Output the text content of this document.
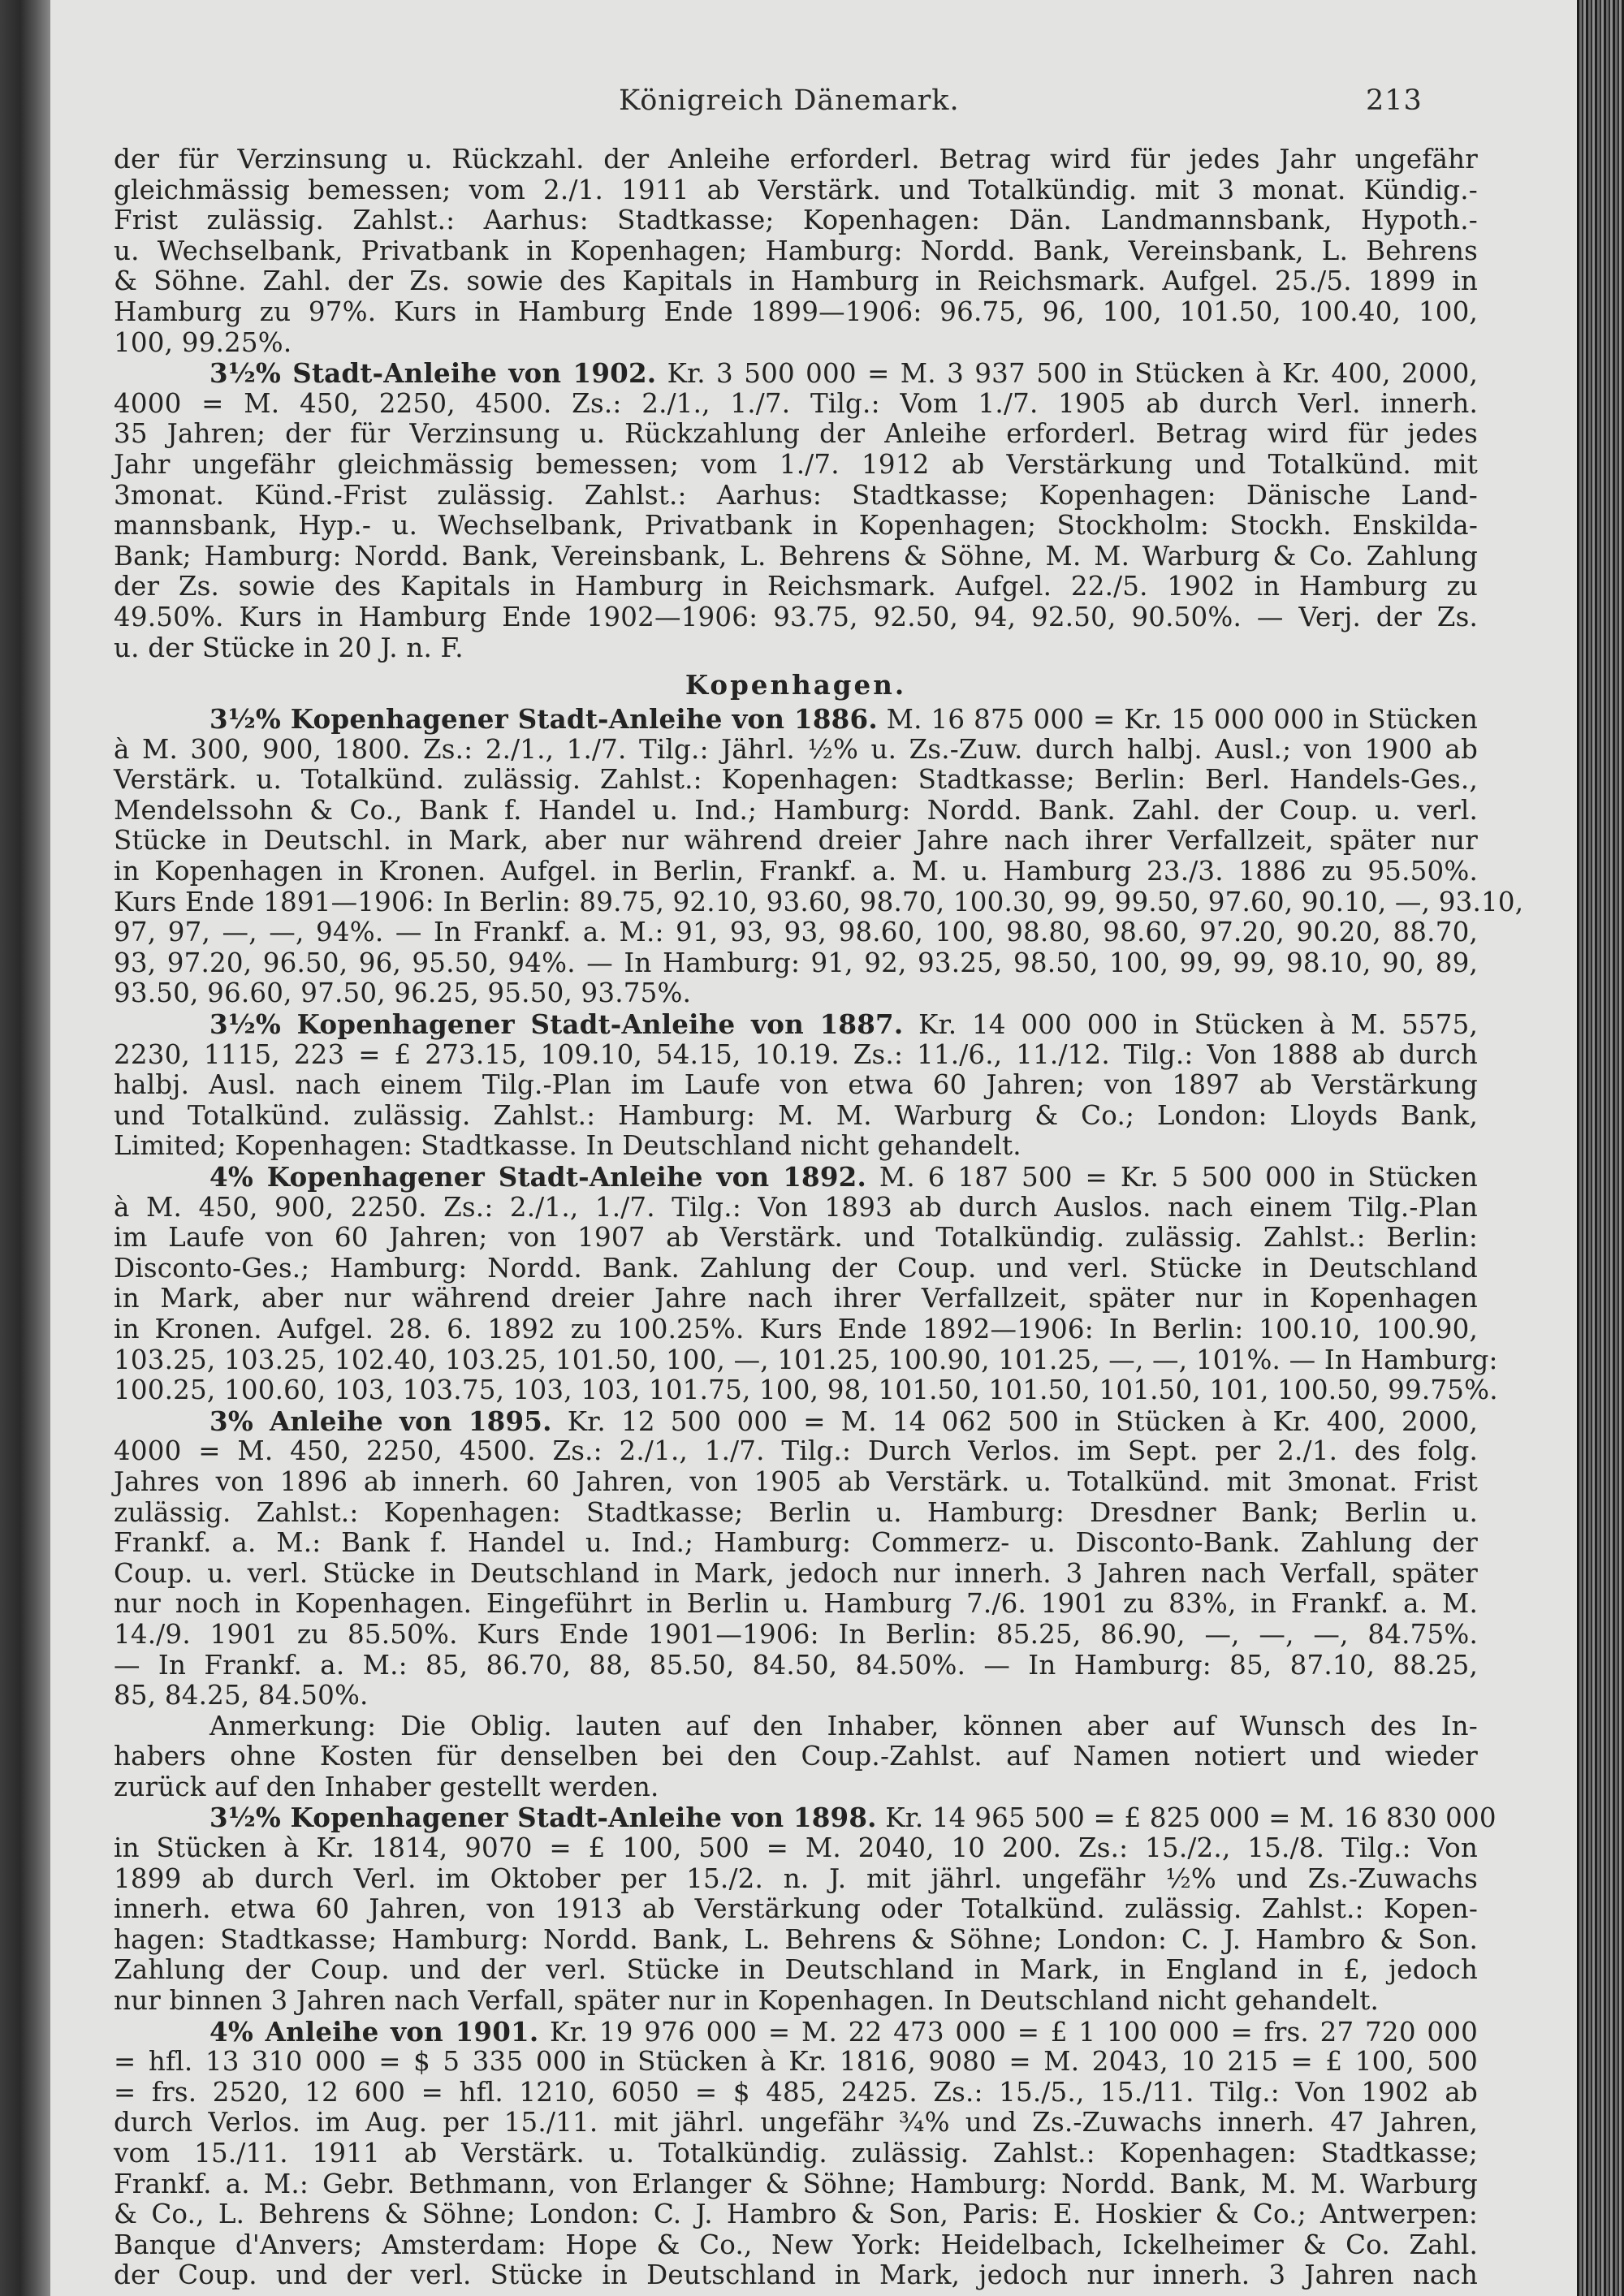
Königreich Dänemark.	213
der für Verzinsung u. Rückzahl. der Anleihe erforderl. Betrag wird für jedes Jahr ungefähr
gleichmässig bemessen; vom 2./1. 1911 ab Verstärk. und Totalkündig. mit 3 monat. Kündig.-
Frist zulässig. Zahlst.: Aarhus: Stadtkasse; Kopenhagen: Dän. Landmannsbank, Hypoth.-
u. Wechselbank, Privatbank in Kopenhagen; Hamburg: Nordd. Bank, Vereinsbank, L. Behrens
& Söhne. Zahl. der Zs. sowie des Kapitals in Hamburg in Reichsmark. Aufgel. 25./5. 1899 in
Hamburg zu 97%. Kurs in Hamburg Ende 1899—1906: 96.75, 96, 100, 101.50, 100.40, 100,
100, 99.25%.
3½% Stadt-Anleihe von 1902. Kr. 3 500 000 = M. 3 937 500 in Stücken à Kr. 400, 2000,
4000 = M. 450, 2250, 4500. Zs.: 2./1., 1./7. Tilg.: Vom 1./7. 1905 ab durch Verl. innerh.
35 Jahren; der für Verzinsung u. Rückzahlung der Anleihe erforderl. Betrag wird für jedes
Jahr ungefähr gleichmässig bemessen; vom 1./7. 1912 ab Verstärkung und Totalkünd. mit
3monat. Künd.-Frist zulässig. Zahlst.: Aarhus: Stadtkasse; Kopenhagen: Dänische Land-
mannsbank, Hyp.- u. Wechselbank, Privatbank in Kopenhagen; Stockholm: Stockh. Enskilda-
Bank; Hamburg: Nordd. Bank, Vereinsbank, L. Behrens & Söhne, M. M. Warburg & Co. Zahlung
der Zs. sowie des Kapitals in Hamburg in Reichsmark. Aufgel. 22./5. 1902 in Hamburg zu
49.50%. Kurs in Hamburg Ende 1902—1906: 93.75, 92.50, 94, 92.50, 90.50%. — Verj. der Zs.
u. der Stücke in 20 J. n. F.
Kopenhagen.
3½% Kopenhagener Stadt-Anleihe von 1886. M. 16 875 000 = Kr. 15 000 000 in Stücken
à M. 300, 900, 1800. Zs.: 2./1., 1./7. Tilg.: Jährl. ½% u. Zs.-Zuw. durch halbj. Ausl.; von 1900 ab
Verstärk. u. Totalkünd. zulässig. Zahlst.: Kopenhagen: Stadtkasse; Berlin: Berl. Handels-Ges.,
Mendelssohn & Co., Bank f. Handel u. Ind.; Hamburg: Nordd. Bank. Zahl. der Coup. u. verl.
Stücke in Deutschl. in Mark, aber nur während dreier Jahre nach ihrer Verfallzeit, später nur
in Kopenhagen in Kronen. Aufgel. in Berlin, Frankf. a. M. u. Hamburg 23./3. 1886 zu 95.50%.
Kurs Ende 1891—1906: In Berlin: 89.75, 92.10, 93.60, 98.70, 100.30, 99, 99.50, 97.60, 90.10, —, 93.10,
97, 97, —, —, 94%. — In Frankf. a. M.: 91, 93, 93, 98.60, 100, 98.80, 98.60, 97.20, 90.20, 88.70,
93, 97.20, 96.50, 96, 95.50, 94%. — In Hamburg: 91, 92, 93.25, 98.50, 100, 99, 99, 98.10, 90, 89,
93.50, 96.60, 97.50, 96.25, 95.50, 93.75%.
3½% Kopenhagener Stadt-Anleihe von 1887. Kr. 14 000 000 in Stücken à M. 5575,
2230, 1115, 223 = £ 273.15, 109.10, 54.15, 10.19. Zs.: 11./6., 11./12. Tilg.: Von 1888 ab durch
halbj. Ausl. nach einem Tilg.-Plan im Laufe von etwa 60 Jahren; von 1897 ab Verstärkung
und Totalkünd. zulässig. Zahlst.: Hamburg: M. M. Warburg & Co.; London: Lloyds Bank,
Limited; Kopenhagen: Stadtkasse. In Deutschland nicht gehandelt.
4% Kopenhagener Stadt-Anleihe von 1892. M. 6 187 500 = Kr. 5 500 000 in Stücken
à M. 450, 900, 2250. Zs.: 2./1., 1./7. Tilg.: Von 1893 ab durch Auslos. nach einem Tilg.-Plan
im Laufe von 60 Jahren; von 1907 ab Verstärk. und Totalkündig. zulässig. Zahlst.: Berlin:
Disconto-Ges.; Hamburg: Nordd. Bank. Zahlung der Coup. und verl. Stücke in Deutschland
in Mark, aber nur während dreier Jahre nach ihrer Verfallzeit, später nur in Kopenhagen
in Kronen. Aufgel. 28. 6. 1892 zu 100.25%. Kurs Ende 1892—1906: In Berlin: 100.10, 100.90,
103.25, 103.25, 102.40, 103.25, 101.50, 100, —, 101.25, 100.90, 101.25, —, —, 101%. — In Hamburg:
100.25, 100.60, 103, 103.75, 103, 103, 101.75, 100, 98, 101.50, 101.50, 101.50, 101, 100.50, 99.75%.
3% Anleihe von 1895. Kr. 12 500 000 = M. 14 062 500 in Stücken à Kr. 400, 2000,
4000 = M. 450, 2250, 4500. Zs.: 2./1., 1./7. Tilg.: Durch Verlos. im Sept. per 2./1. des folg.
Jahres von 1896 ab innerh. 60 Jahren, von 1905 ab Verstärk. u. Totalkünd. mit 3monat. Frist
zulässig. Zahlst.: Kopenhagen: Stadtkasse; Berlin u. Hamburg: Dresdner Bank; Berlin u.
Frankf. a. M.: Bank f. Handel u. Ind.; Hamburg: Commerz- u. Disconto-Bank. Zahlung der
Coup. u. verl. Stücke in Deutschland in Mark, jedoch nur innerh. 3 Jahren nach Verfall, später
nur noch in Kopenhagen. Eingeführt in Berlin u. Hamburg 7./6. 1901 zu 83%, in Frankf. a. M.
14./9. 1901 zu 85.50%. Kurs Ende 1901—1906: In Berlin: 85.25, 86.90, —, —, —, 84.75%.
— In Frankf. a. M.: 85, 86.70, 88, 85.50, 84.50, 84.50%. — In Hamburg: 85, 87.10, 88.25,
85, 84.25, 84.50%.
Anmerkung: Die Oblig. lauten auf den Inhaber, können aber auf Wunsch des In-
habers ohne Kosten für denselben bei den Coup.-Zahlst. auf Namen notiert und wieder
zurück auf den Inhaber gestellt werden.
3½% Kopenhagener Stadt-Anleihe von 1898. Kr. 14 965 500 = £ 825 000 = M. 16 830 000
in Stücken à Kr. 1814, 9070 = £ 100, 500 = M. 2040, 10 200. Zs.: 15./2., 15./8. Tilg.: Von
1899 ab durch Verl. im Oktober per 15./2. n. J. mit jährl. ungefähr ½% und Zs.-Zuwachs
innerh. etwa 60 Jahren, von 1913 ab Verstärkung oder Totalkünd. zulässig. Zahlst.: Kopen-
hagen: Stadtkasse; Hamburg: Nordd. Bank, L. Behrens & Söhne; London: C. J. Hambro & Son.
Zahlung der Coup. und der verl. Stücke in Deutschland in Mark, in England in £, jedoch
nur binnen 3 Jahren nach Verfall, später nur in Kopenhagen. In Deutschland nicht gehandelt.
4% Anleihe von 1901. Kr. 19 976 000 = M. 22 473 000 = £ 1 100 000 = frs. 27 720 000
= hfl. 13 310 000 = $ 5 335 000 in Stücken à Kr. 1816, 9080 = M. 2043, 10 215 = £ 100, 500
= frs. 2520, 12 600 = hfl. 1210, 6050 = $ 485, 2425. Zs.: 15./5., 15./11. Tilg.: Von 1902 ab
durch Verlos. im Aug. per 15./11. mit jährl. ungefähr ¾% und Zs.-Zuwachs innerh. 47 Jahren,
vom 15./11. 1911 ab Verstärk. u. Totalkündig. zulässig. Zahlst.: Kopenhagen: Stadtkasse;
Frankf. a. M.: Gebr. Bethmann, von Erlanger & Söhne; Hamburg: Nordd. Bank, M. M. Warburg
& Co., L. Behrens & Söhne; London: C. J. Hambro & Son, Paris: E. Hoskier & Co.; Antwerpen:
Banque d'Anvers; Amsterdam: Hope & Co., New York: Heidelbach, Ickelheimer & Co. Zahl.
der Coup. und der verl. Stücke in Deutschland in Mark, jedoch nur innerh. 3 Jahren nach
